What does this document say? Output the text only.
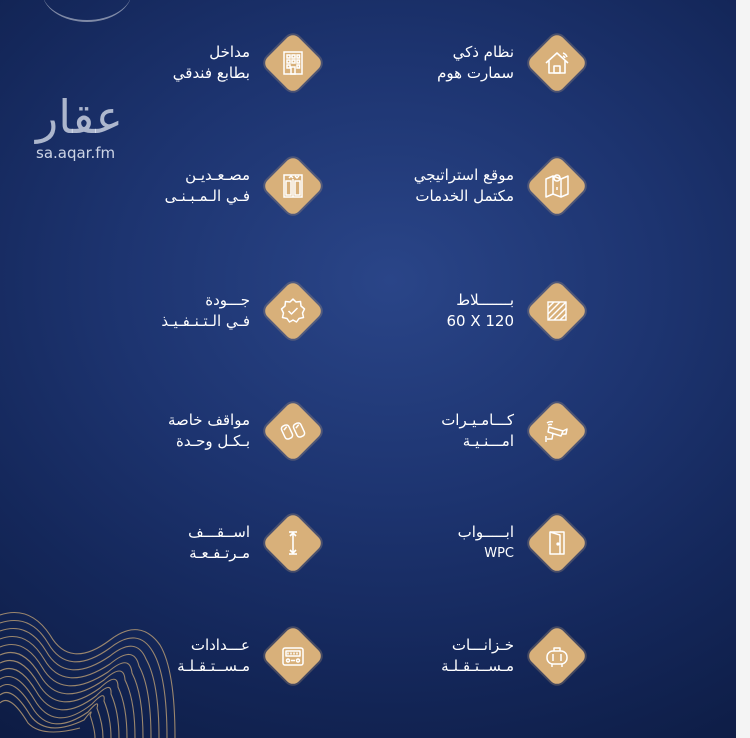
عقار
sa.aqar.fm
نظام ذكي
سمارت هوم
مداخل
بطابع فندقي
موقع استراتيجي
مكتمل الخدمات
مصـعـديـن
فـي الـمـبـنـى
بـــــــلاط
60 X 120
جـــودة
فـي الـتـنـفـيـذ
كـــامـيـرات
امـــنـيـة
مواقف خاصة
بـكـل وحـدة
ابـــــواب
WPC
اســقـــف
مـرتـفـعـة
خـزانـــات
مـســتـقـلـة
عـــدادات
مـســتـقـلـة
